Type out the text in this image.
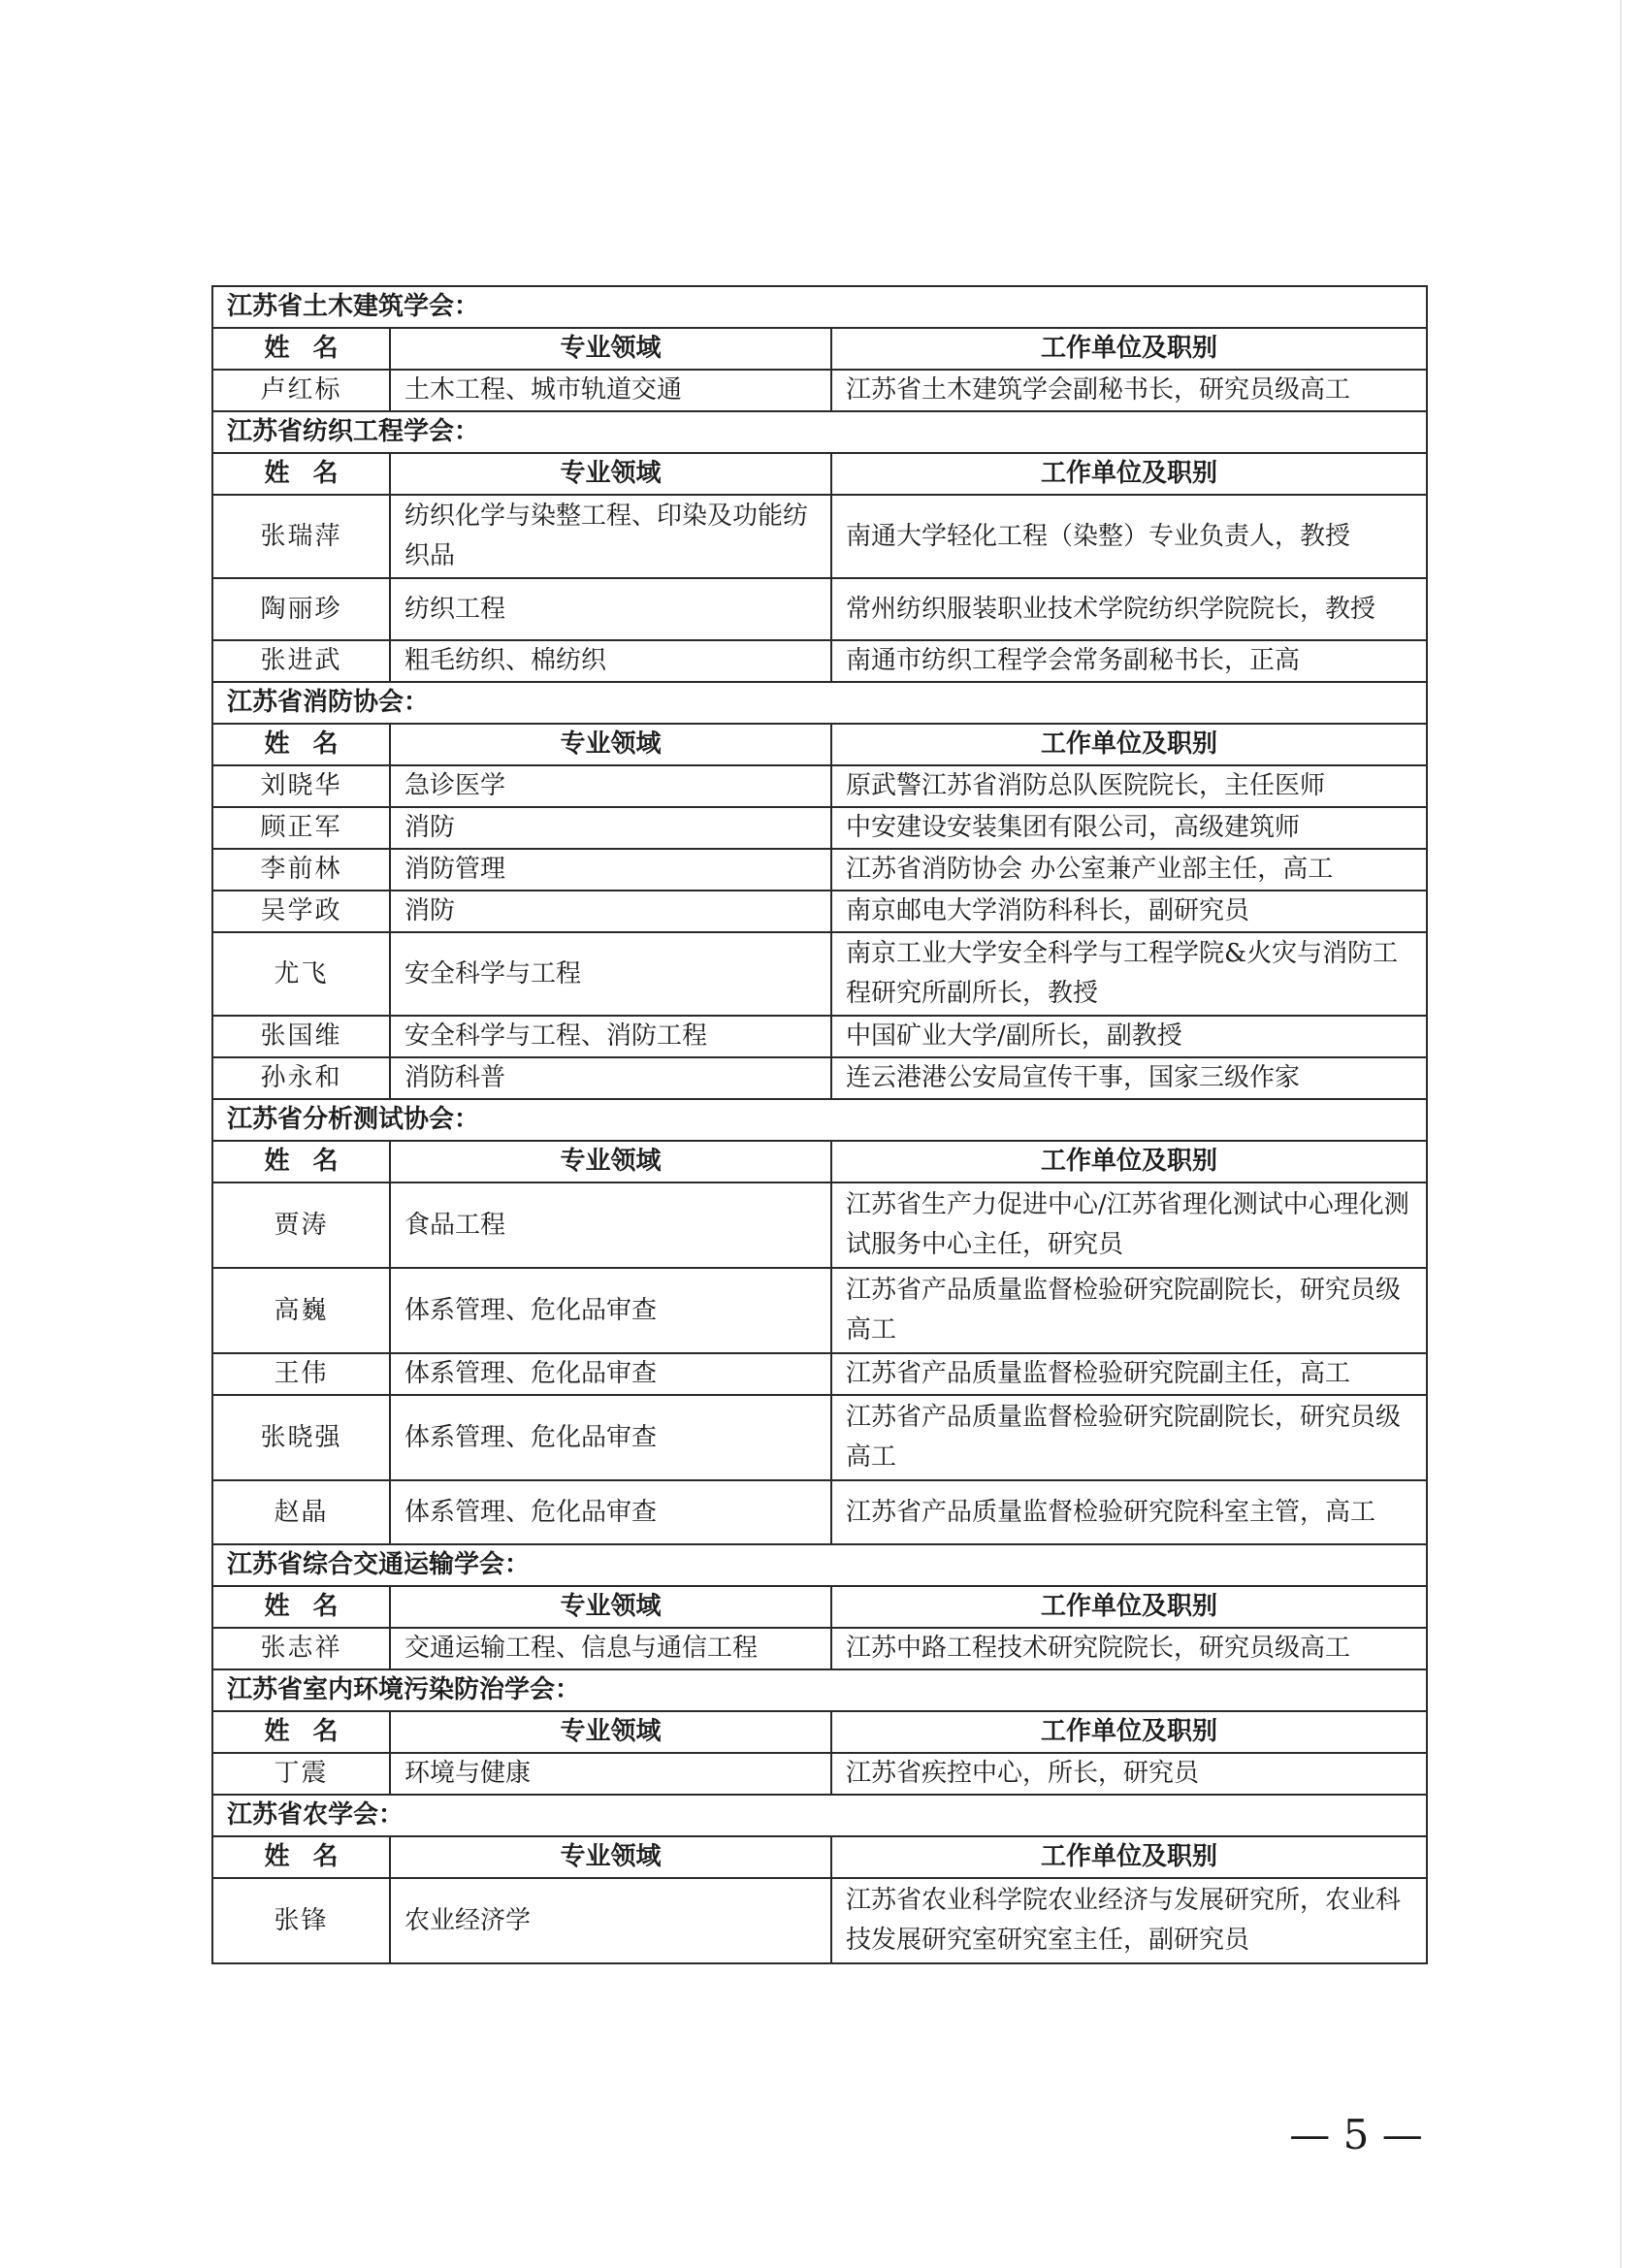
江苏省土木建筑学会：		
姓名	专业领域	工作单位及职别
卢红标	土木工程、城市轨道交通	江苏省土木建筑学会副秘书长，研究员级高工
江苏省纺织工程学会：		
姓名	专业领域	工作单位及职别
张瑞萍	纺织化学与染整工程、印染及功能纺织品	南通大学轻化工程（染整）专业负责人，教授
陶丽珍	纺织工程	常州纺织服装职业技术学院纺织学院院长，教授
张进武	粗毛纺织、棉纺织	南通市纺织工程学会常务副秘书长，正高
江苏省消防协会：		
姓名	专业领域	工作单位及职别
刘晓华	急诊医学	原武警江苏省消防总队医院院长，主任医师
顾正军	消防	中安建设安装集团有限公司，高级建筑师
李前林	消防管理	江苏省消防协会 办公室兼产业部主任，高工
吴学政	消防	南京邮电大学消防科科长，副研究员
尤飞	安全科学与工程	南京工业大学安全科学与工程学院&火灾与消防工程研究所副所长，教授
张国维	安全科学与工程、消防工程	中国矿业大学/副所长，副教授
孙永和	消防科普	连云港港公安局宣传干事，国家三级作家
江苏省分析测试协会：		
姓名	专业领域	工作单位及职别
贾涛	食品工程	江苏省生产力促进中心/江苏省理化测试中心理化测试服务中心主任，研究员
高巍	体系管理、危化品审查	江苏省产品质量监督检验研究院副院长，研究员级高工
王伟	体系管理、危化品审查	江苏省产品质量监督检验研究院副主任，高工
张晓强	体系管理、危化品审查	江苏省产品质量监督检验研究院副院长，研究员级高工
赵晶	体系管理、危化品审查	江苏省产品质量监督检验研究院科室主管，高工
江苏省综合交通运输学会：		
姓名	专业领域	工作单位及职别
张志祥	交通运输工程、信息与通信工程	江苏中路工程技术研究院院长，研究员级高工
江苏省室内环境污染防治学会：		
姓名	专业领域	工作单位及职别
丁震	环境与健康	江苏省疾控中心，所长，研究员
江苏省农学会：		
姓名	专业领域	工作单位及职别
张锋	农业经济学	江苏省农业科学院农业经济与发展研究所，农业科技发展研究室研究室主任，副研究员
— 5 —
